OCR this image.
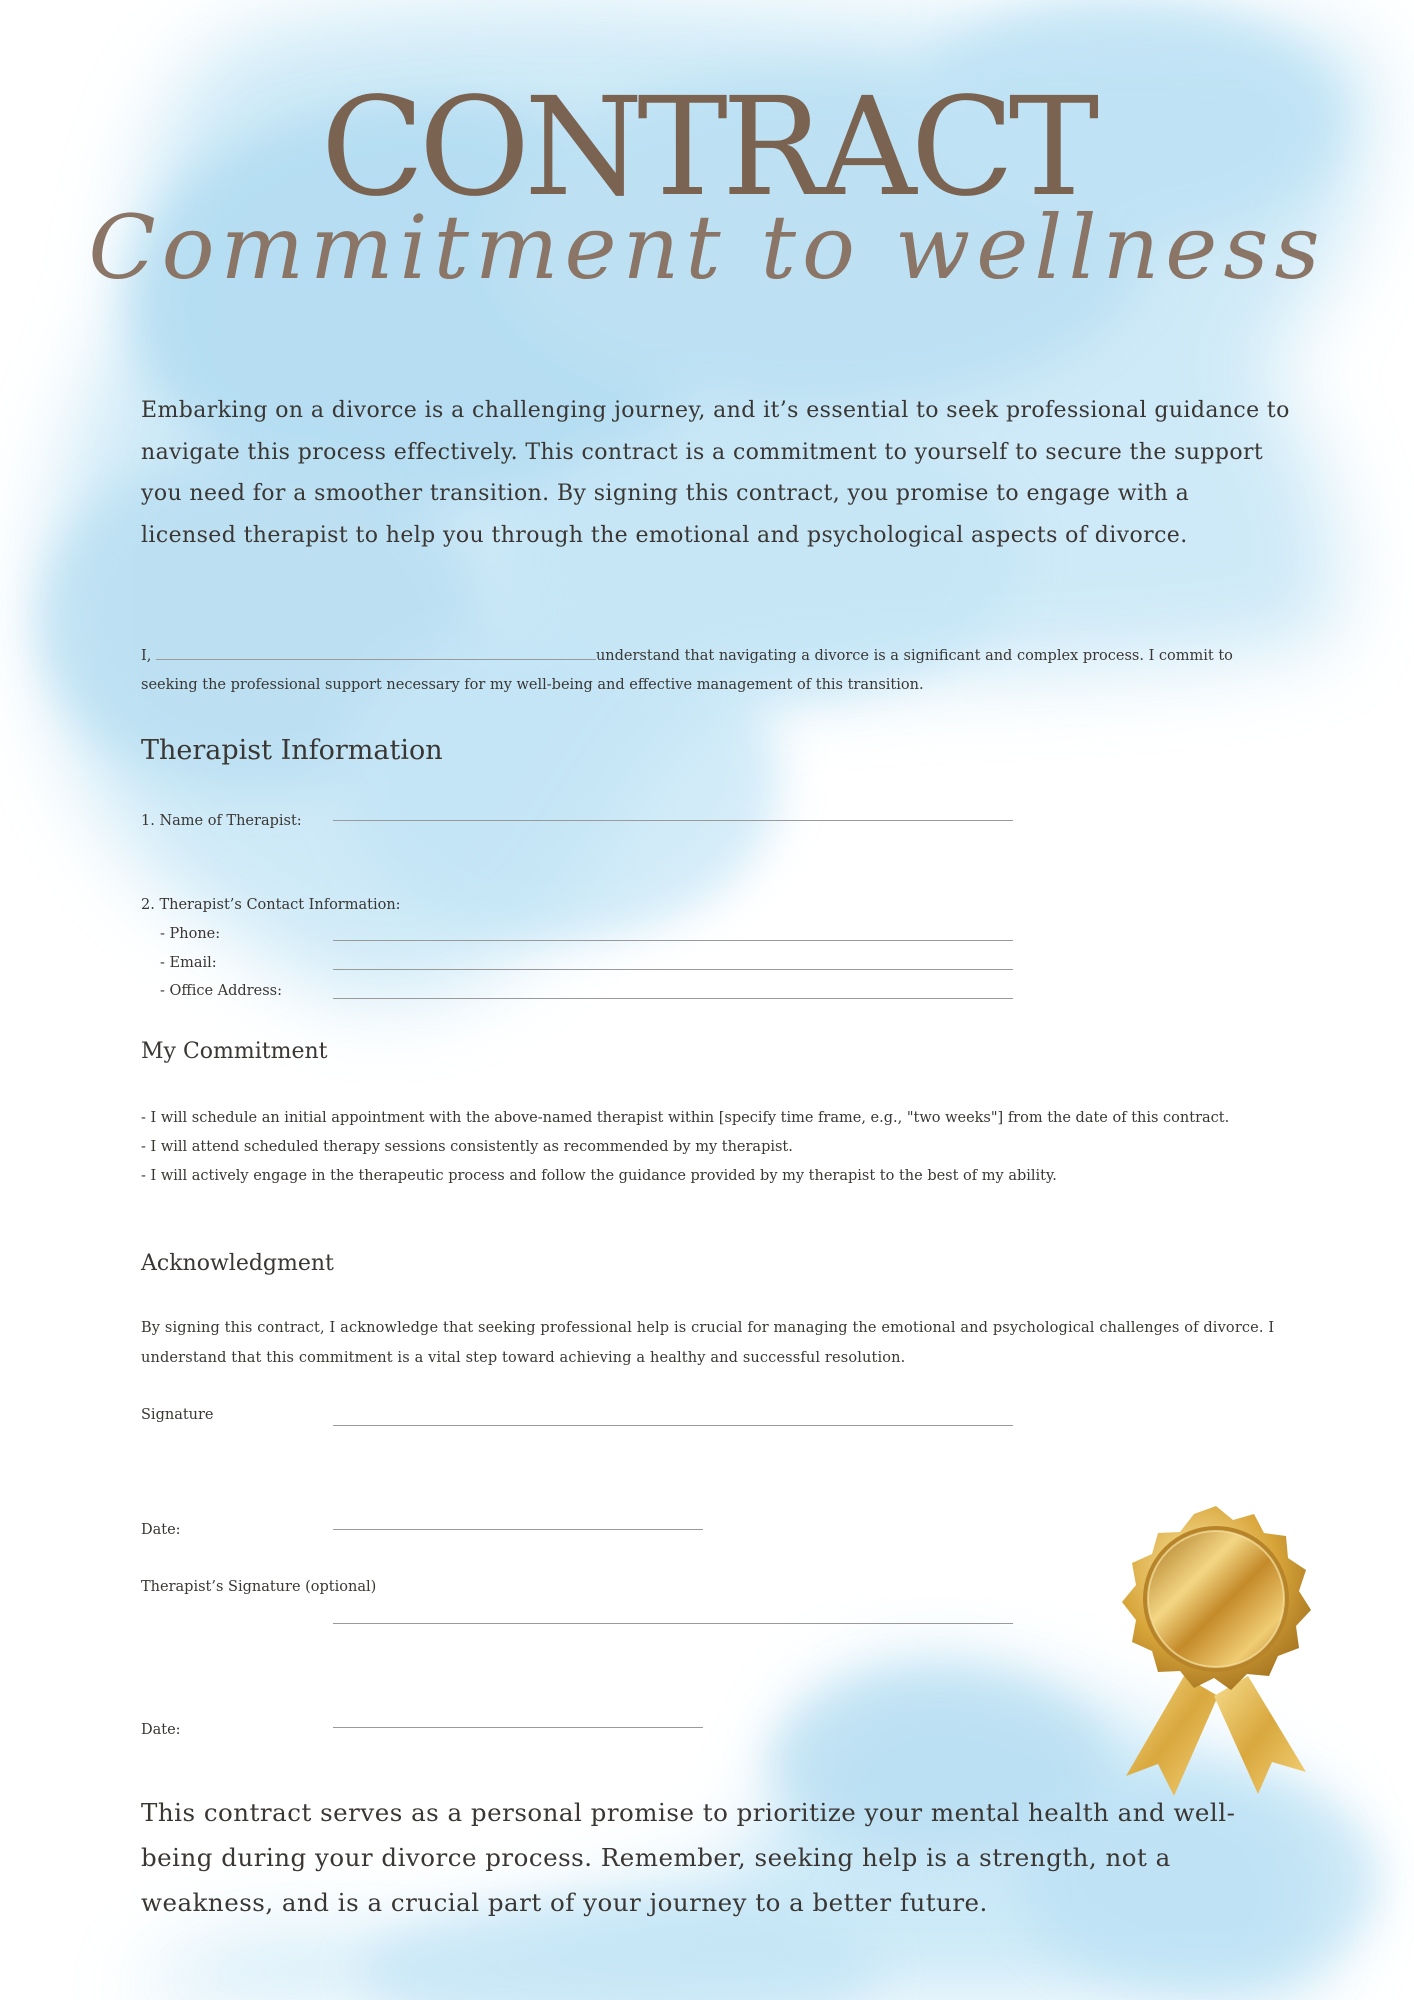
CONTRACT
Commitment to wellness
Embarking on a divorce is a challenging journey, and it’s essential to seek professional guidance to navigate this process effectively. This contract is a commitment to yourself to secure the support you need for a smoother transition. By signing this contract, you promise to engage with a licensed therapist to help you through the emotional and psychological aspects of divorce.
I,	understand that navigating a divorce is a significant and complex process. I commit to seeking the professional support necessary for my well-being and effective management of this transition.
Therapist Information
1. Name of Therapist:
2. Therapist’s Contact Information:
- Phone:
- Email:
- Office Address:
My Commitment
- I will schedule an initial appointment with the above-named therapist within [specify time frame, e.g., "two weeks"] from the date of this contract.
- I will attend scheduled therapy sessions consistently as recommended by my therapist.
- I will actively engage in the therapeutic process and follow the guidance provided by my therapist to the best of my ability.
Acknowledgment
By signing this contract, I acknowledge that seeking professional help is crucial for managing the emotional and psychological challenges of divorce. I understand that this commitment is a vital step toward achieving a healthy and successful resolution.
Signature
Date:
Therapist’s Signature (optional)
Date:
This contract serves as a personal promise to prioritize your mental health and well-being during your divorce process. Remember, seeking help is a strength, not a weakness, and is a crucial part of your journey to a better future.
